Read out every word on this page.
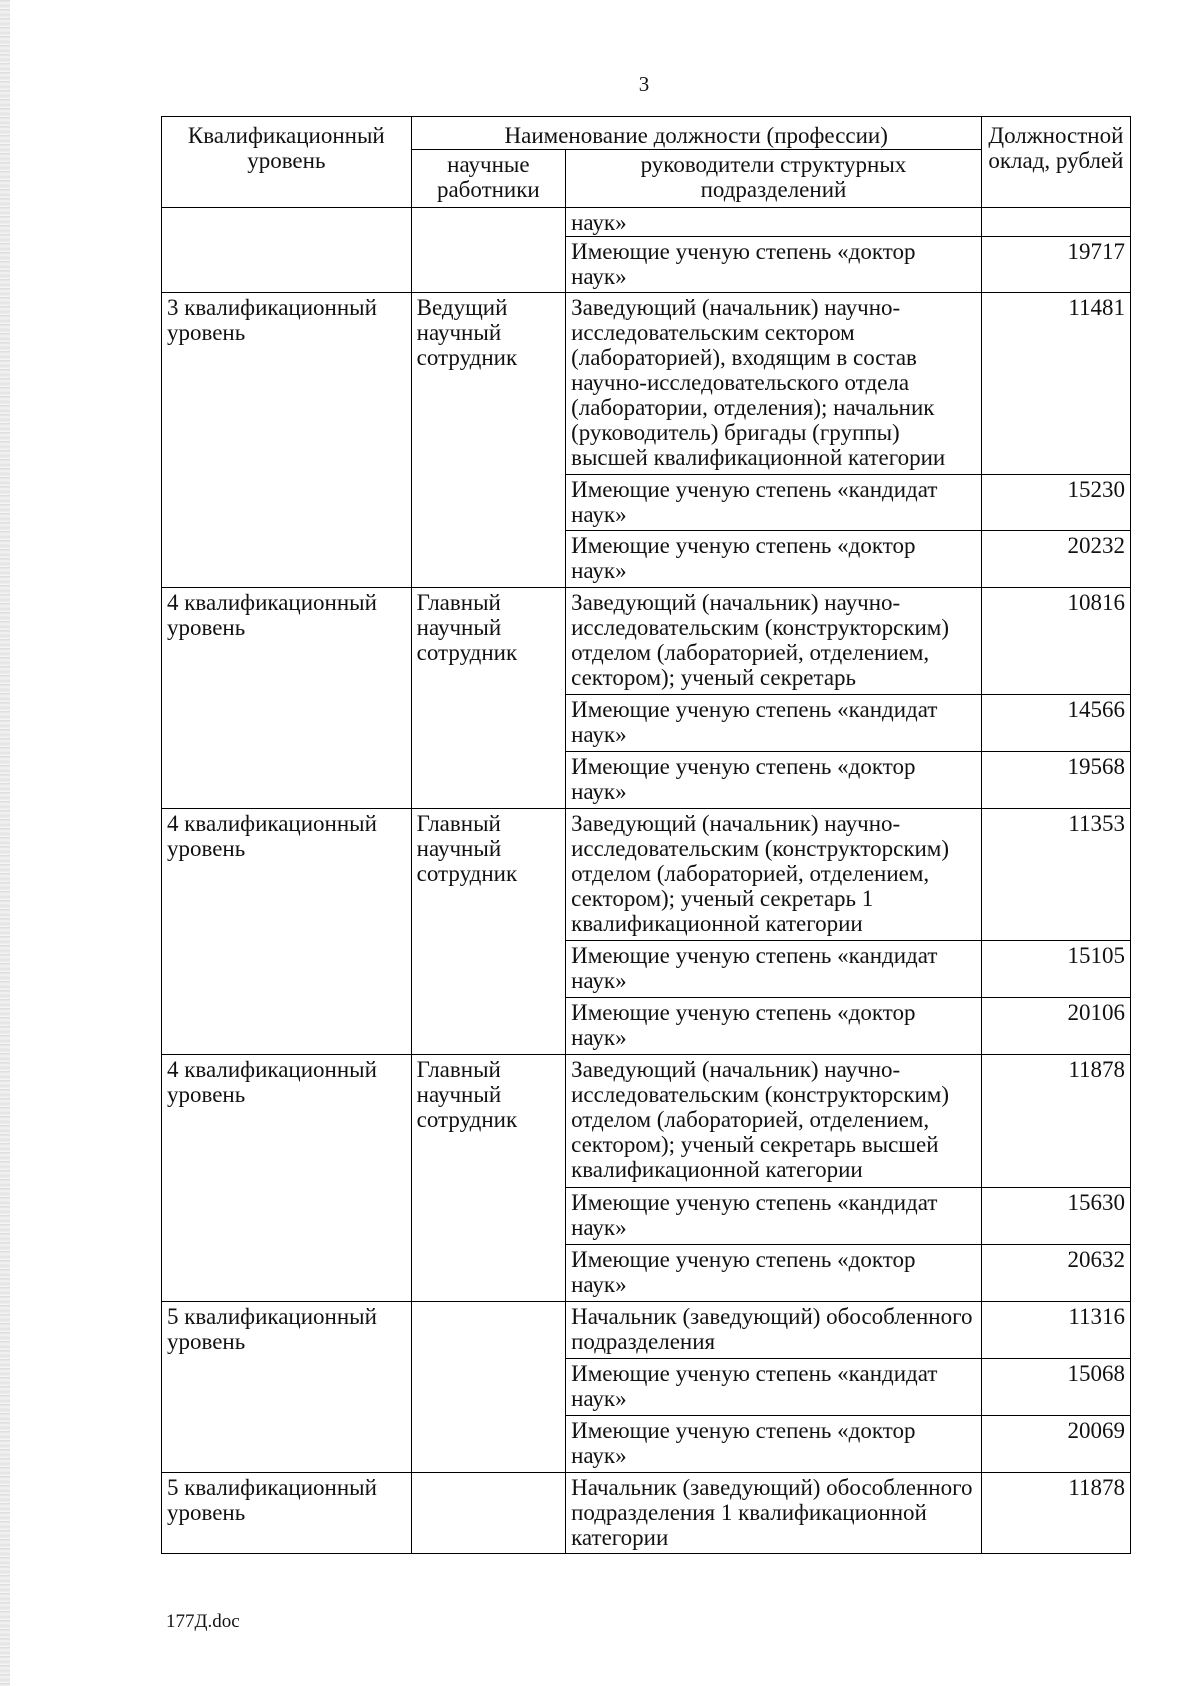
3
Квалификационный уровень	Наименование должности (профессии)		Должностной оклад, рублей
	научные работники	руководители структурных подразделений	
		наук»	
		Имеющие ученую степень «доктор наук»	19717
3 квалификационный уровень	Ведущий научный сотрудник	Заведующий (начальник) научно-исследовательским сектором (лабораторией), входящим в состав научно-исследовательского отдела (лаборатории, отделения); начальник (руководитель) бригады (группы) высшей квалификационной категории	11481
		Имеющие ученую степень «кандидат наук»	15230
		Имеющие ученую степень «доктор наук»	20232
4 квалификационный уровень	Главный научный сотрудник	Заведующий (начальник) научно-исследовательским (конструкторским) отделом (лабораторией, отделением, сектором); ученый секретарь	10816
		Имеющие ученую степень «кандидат наук»	14566
		Имеющие ученую степень «доктор наук»	19568
4 квалификационный уровень	Главный научный сотрудник	Заведующий (начальник) научно-исследовательским (конструкторским) отделом (лабораторией, отделением, сектором); ученый секретарь 1 квалификационной категории	11353
		Имеющие ученую степень «кандидат наук»	15105
		Имеющие ученую степень «доктор наук»	20106
4 квалификационный уровень	Главный научный сотрудник	Заведующий (начальник) научно-исследовательским (конструкторским) отделом (лабораторией, отделением, сектором); ученый секретарь высшей квалификационной категории	11878
		Имеющие ученую степень «кандидат наук»	15630
		Имеющие ученую степень «доктор наук»	20632
5 квалификационный уровень		Начальник (заведующий) обособленного подразделения	11316
		Имеющие ученую степень «кандидат наук»	15068
		Имеющие ученую степень «доктор наук»	20069
5 квалификационный уровень		Начальник (заведующий) обособленного подразделения 1 квалификационной категории	11878
177Д.doc
